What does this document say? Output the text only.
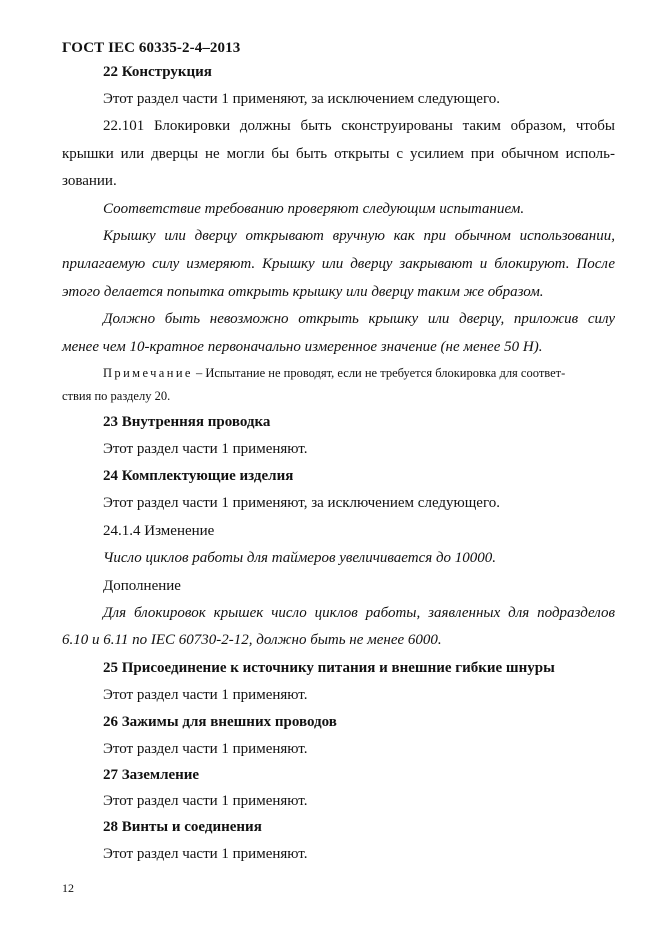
ГОСТ IEC 60335-2-4–2013
22 Конструкция
Этот раздел части 1 применяют, за исключением следующего.
22.101 Блокировки должны быть сконструированы таким образом, чтобы
крышки или дверцы не могли бы быть открыты с усилием при обычном исполь-
зовании.
Соответствие требованию проверяют следующим испытанием.
Крышку или дверцу открывают вручную как при обычном использовании,
прилагаемую силу измеряют. Крышку или дверцу закрывают и блокируют. После
этого делается попытка открыть крышку или дверцу таким же образом.
Должно быть невозможно открыть крышку или дверцу, приложив силу
менее чем 10-кратное первоначально измеренное значение (не менее 50 Н).
Примечание – Испытание не проводят, если не требуется блокировка для соответ-
ствия по разделу 20.
23 Внутренняя проводка
Этот раздел части 1 применяют.
24 Комплектующие изделия
Этот раздел части 1 применяют, за исключением следующего.
24.1.4 Изменение
Число циклов работы для таймеров увеличивается до 10000.
Дополнение
Для блокировок крышек число циклов работы, заявленных для подразделов
6.10 и 6.11 по IEC 60730-2-12, должно быть не менее 6000.
25 Присоединение к источнику питания и внешние гибкие шнуры
Этот раздел части 1 применяют.
26 Зажимы для внешних проводов
Этот раздел части 1 применяют.
27 Заземление
Этот раздел части 1 применяют.
28 Винты и соединения
Этот раздел части 1 применяют.
12
